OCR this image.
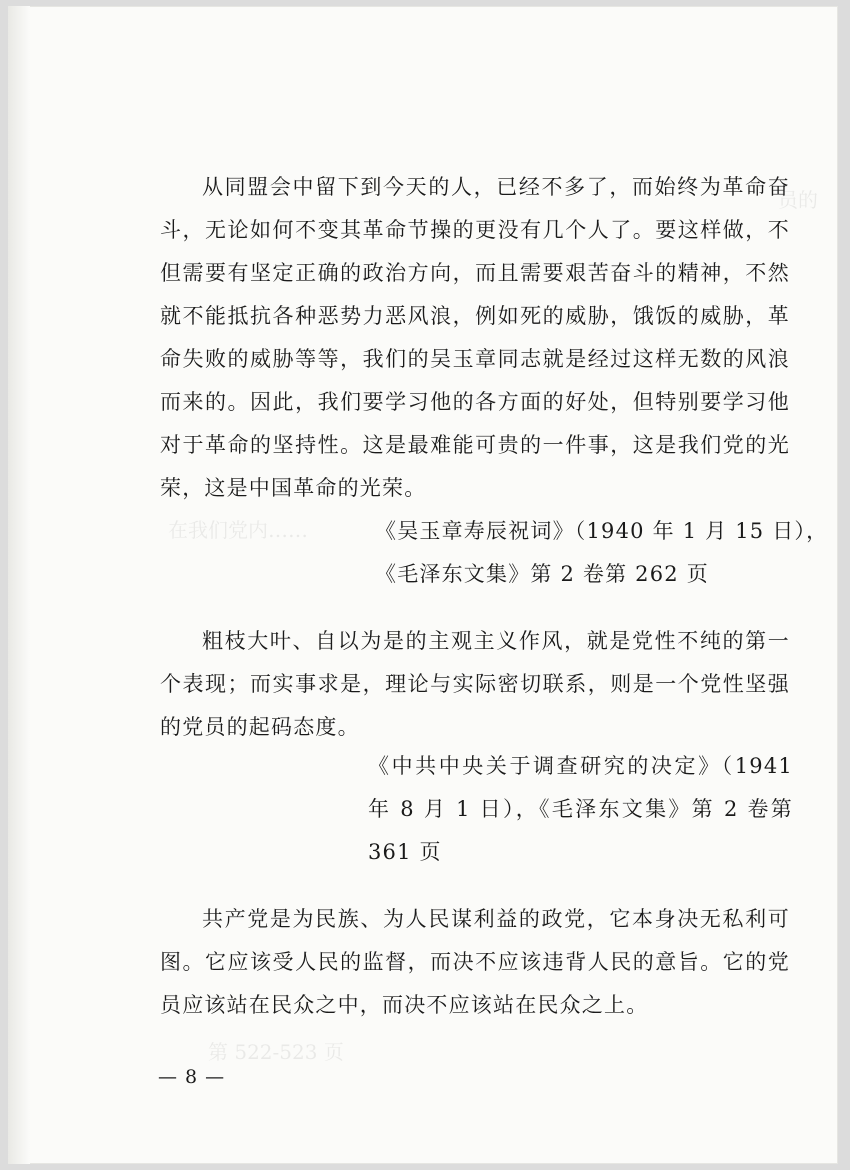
员的
在我们党内……
第 522-523 页

从同盟会中留下到今天的人，已经不多了，而始终为革命奋斗，无论如何不变其革命节操的更没有几个人了。要这样做，不但需要有坚定正确的政治方向，而且需要艰苦奋斗的精神，不然就不能抵抗各种恶势力恶风浪，例如死的威胁，饿饭的威胁，革命失败的威胁等等，我们的吴玉章同志就是经过这样无数的风浪而来的。因此，我们要学习他的各方面的好处，但特别要学习他对于革命的坚持性。这是最难能可贵的一件事，这是我们党的光荣，这是中国革命的光荣。

《吴玉章寿辰祝词》（1940 年 1 月 15 日），
《毛泽东文集》第 2 卷第 262 页

粗枝大叶、自以为是的主观主义作风，就是党性不纯的第一个表现；而实事求是，理论与实际密切联系，则是一个党性坚强的党员的起码态度。

《中共中央关于调查研究的决定》（1941 年 8 月 1 日），《毛泽东文集》第 2 卷第 361 页

共产党是为民族、为人民谋利益的政党，它本身决无私利可图。它应该受人民的监督，而决不应该违背人民的意旨。它的党员应该站在民众之中，而决不应该站在民众之上。

— 8 —
